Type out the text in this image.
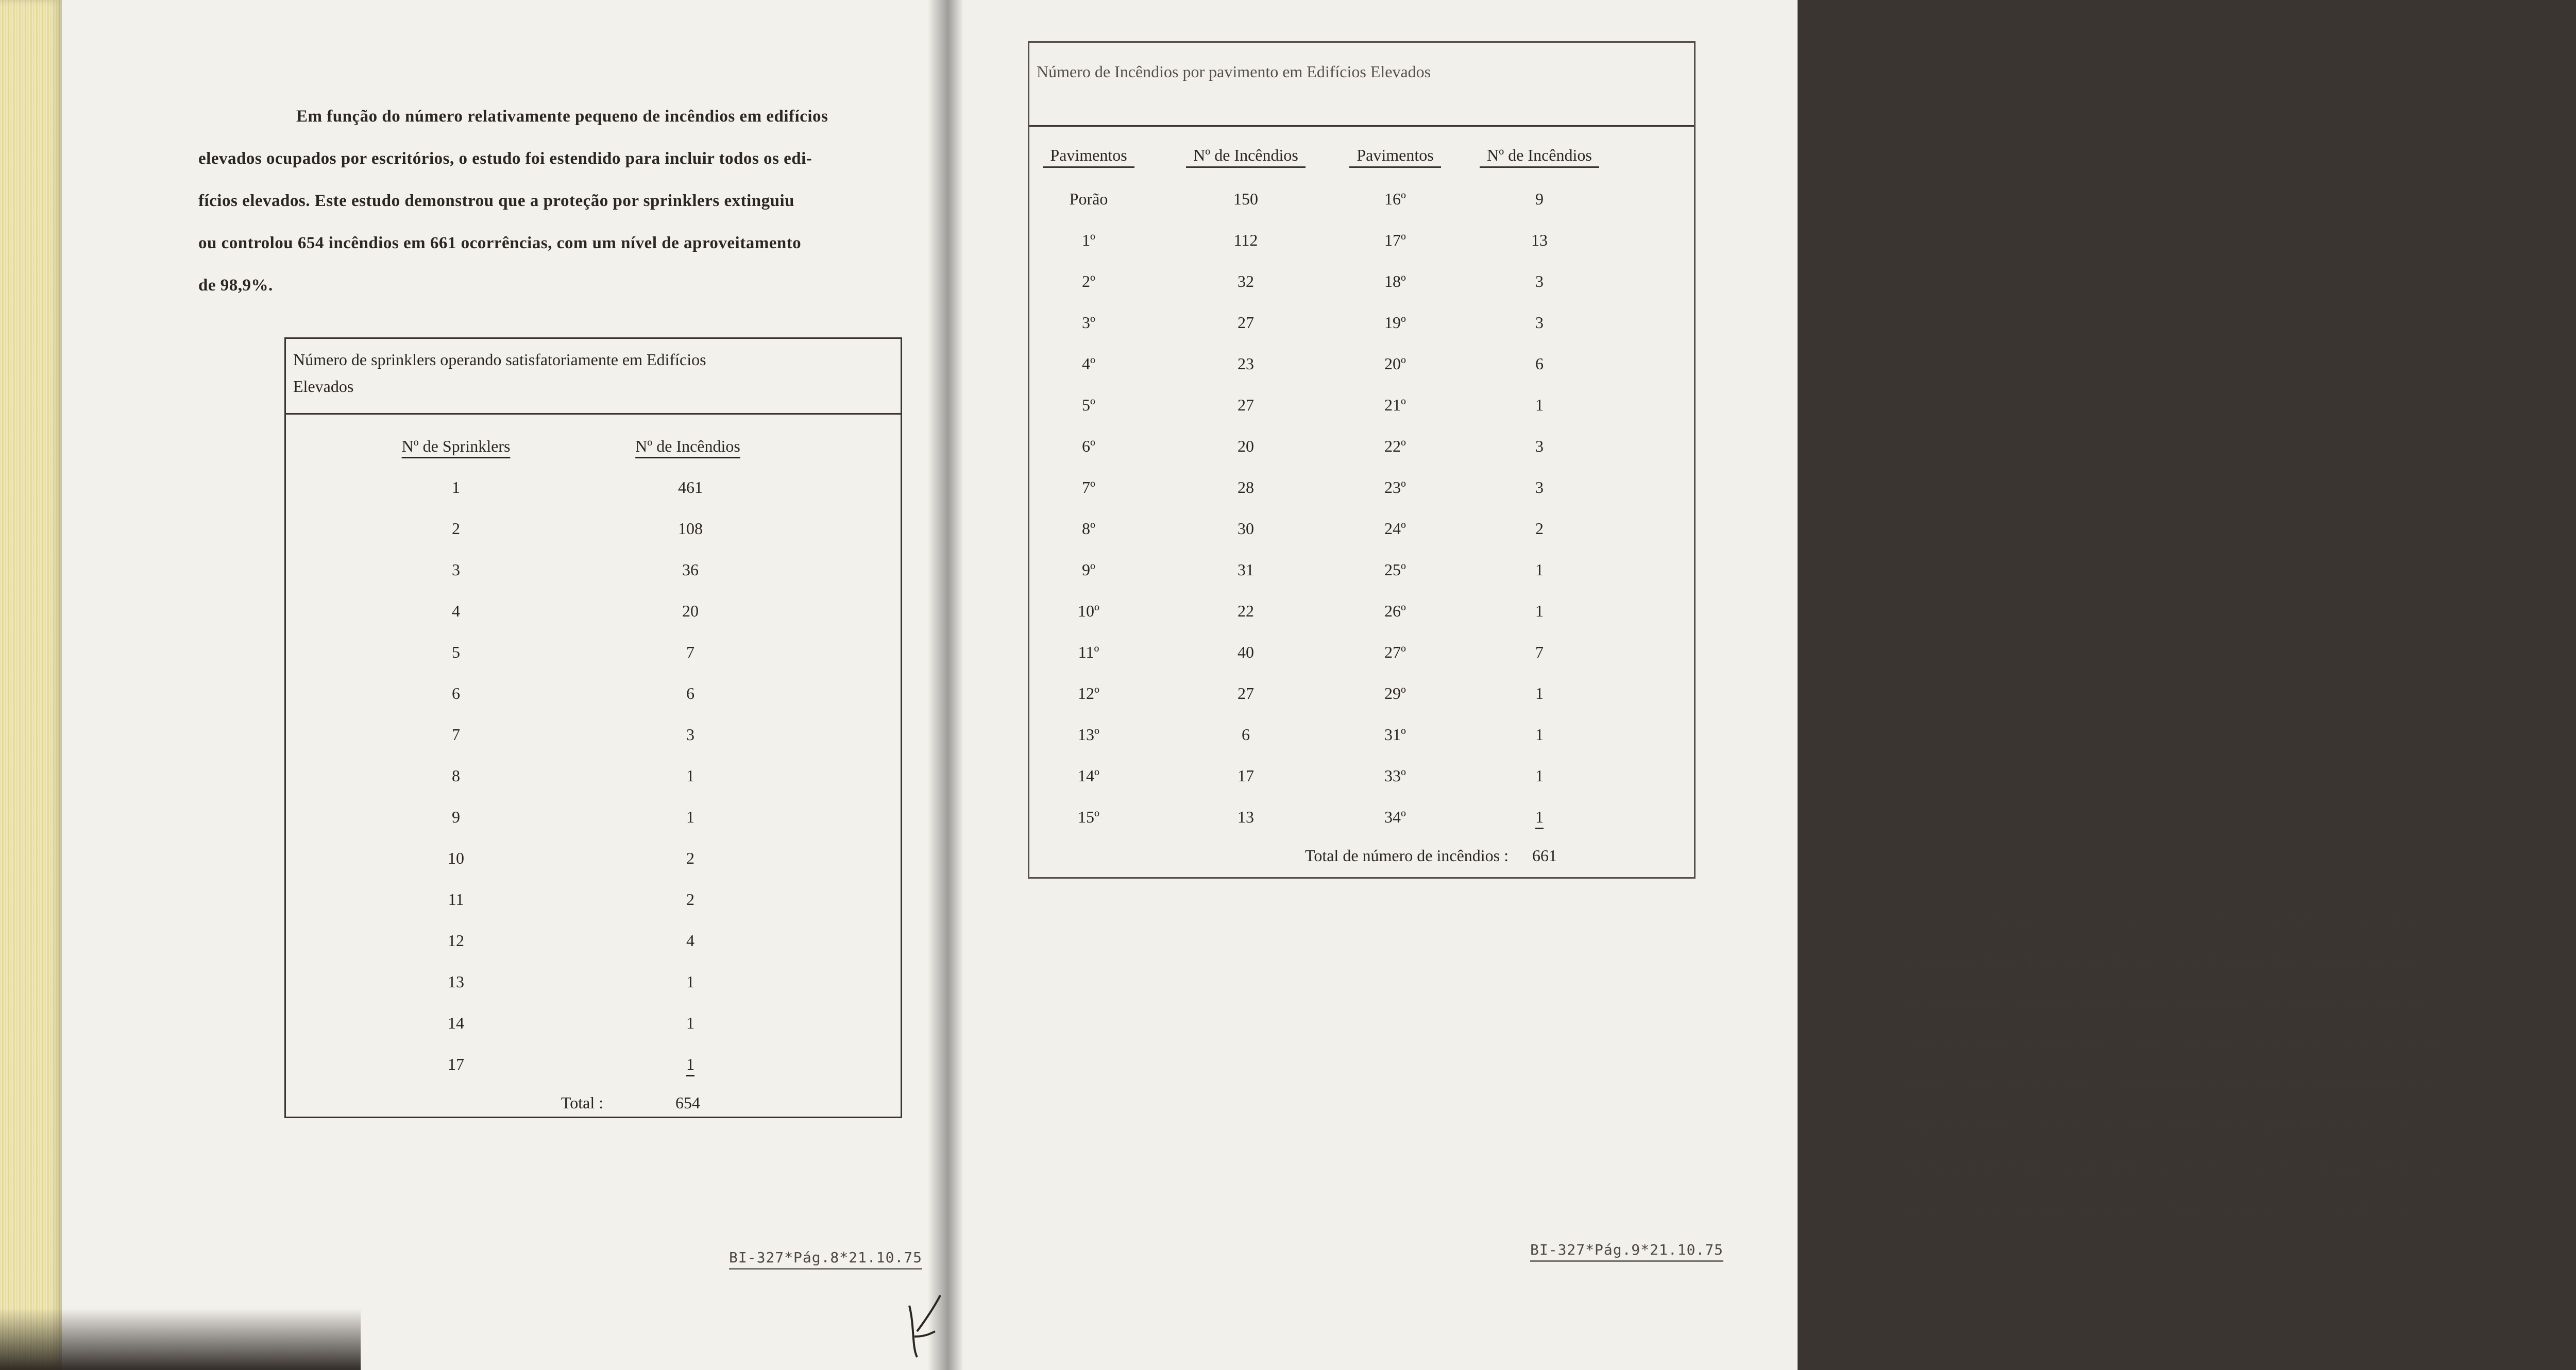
Em função do número relativamente pequeno de incêndios em edifícios
elevados ocupados por escritórios, o estudo foi estendido para incluir todos os edi-
fícios elevados. Este estudo demonstrou que a proteção por sprinklers extinguiu
ou controlou 654 incêndios em 661 ocorrências, com um nível de aproveitamento
de 98,9%.
Número de sprinklers operando satisfatoriamente em Edifícios
Elevados
Nº de Sprinklers	Nº de Incêndios
1	461
2	108
3	36
4	20
5	7
6	6
7	3
8	1
9	1
10	2
11	2
12	4
13	1
14	1
17	1
Total :	654
BI-327*Pág.8*21.10.75
Número de Incêndios por pavimento em Edifícios Elevados
Pavimentos	Nº de Incêndios	Pavimentos	Nº de Incêndios
Porão	150	16º	9
1º	112	17º	13
2º	32	18º	3
3º	27	19º	3
4º	23	20º	6
5º	27	21º	1
6º	20	22º	3
7º	28	23º	3
8º	30	24º	2
9º	31	25º	1
10º	22	26º	1
11º	40	27º	7
12º	27	29º	1
13º	6	31º	1
14º	17	33º	1
15º	13	34º	1
Total de número de incêndios :	661
De particular interesse são os 14 dos 661 incêndios em que abriram 10
ou mais sprinklers. Dois foram devidos a lixo de papel, dois causados por líqui-
dos inflamáveis que foram usados especialmente para fins incendiários, seis em
fábricas de roupas. Um foi numa despensa de hotel ; outro numa oficina sendo des
montada ; outro em uma loja de departamento e outro em um estabelecimento de
limpeza de peles. Os outros riscos sinistrados onde os sprinklers operavam sa-
tisfatoriamente, eram ocupados pelos mais diversos tipos de ocupação, desde pin-
tura pelo sistema de spray até quartos de hotel ; de tipografias a cozinhas ; de
BI-327*Pág.9*21.10.75
